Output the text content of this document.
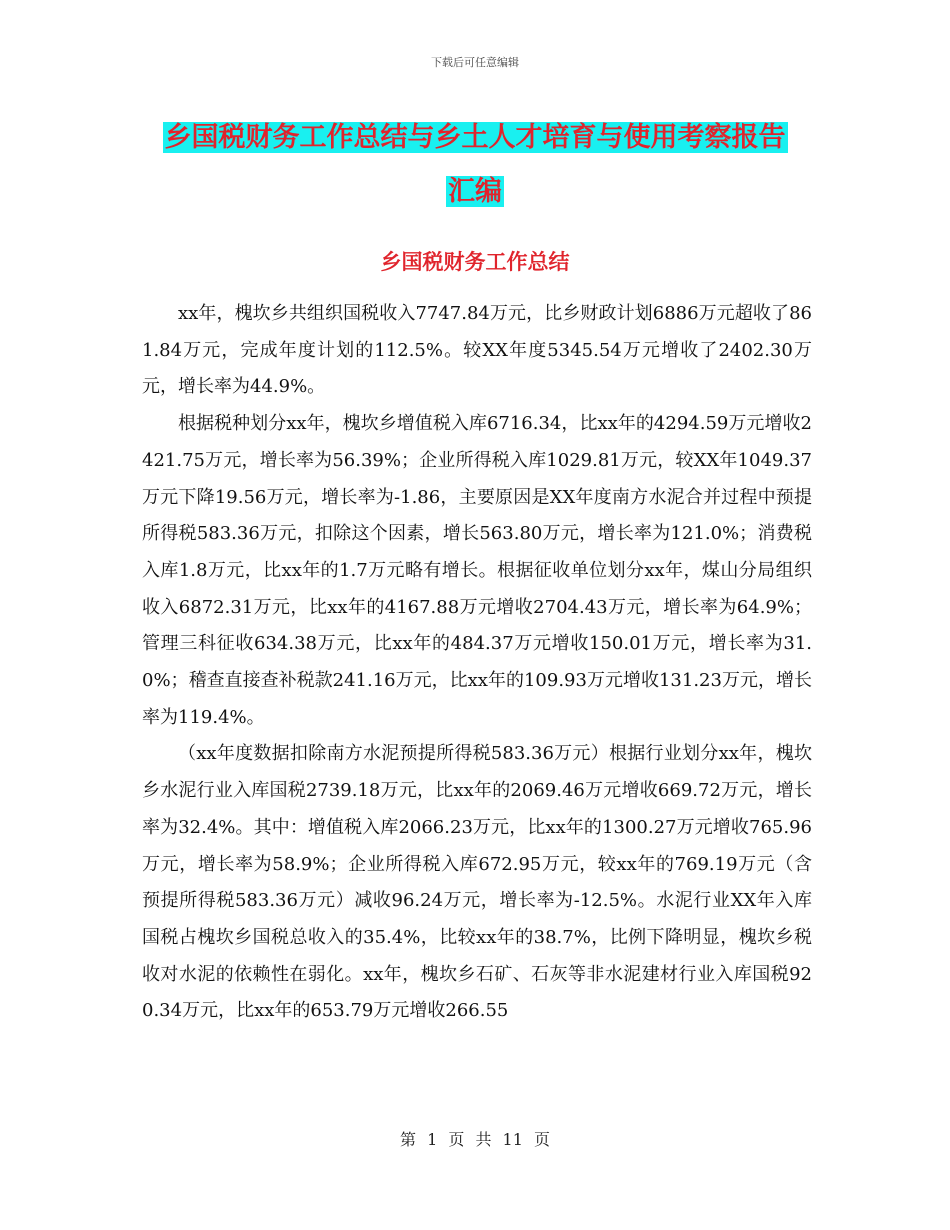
下载后可任意编辑
乡国税财务工作总结与乡土人才培育与使用考察报告
汇编
乡国税财务工作总结

xx年，槐坎乡共组织国税收入7747.84万元，比乡财政计划6886万元超收了861.84万元，完成年度计划的112.5%。较XX年度5345.54万元增收了2402.30万元，增长率为44.9%。

根据税种划分xx年，槐坎乡增值税入库6716.34，比xx年的4294.59万元增收2421.75万元，增长率为56.39%；企业所得税入库1029.81万元，较XX年1049.37万元下降19.56万元，增长率为-1.86，主要原因是XX年度南方水泥合并过程中预提所得税583.36万元，扣除这个因素，增长563.80万元，增长率为121.0%；消费税入库1.8万元，比xx年的1.7万元略有增长。根据征收单位划分xx年，煤山分局组织收入6872.31万元，比xx年的4167.88万元增收2704.43万元，增长率为64.9%；管理三科征收634.38万元，比xx年的484.37万元增收150.01万元，增长率为31.0%；稽查直接查补税款241.16万元，比xx年的109.93万元增收131.23万元，增长率为119.4%。

（xx年度数据扣除南方水泥预提所得税583.36万元）根据行业划分xx年，槐坎乡水泥行业入库国税2739.18万元，比xx年的2069.46万元增收669.72万元，增长率为32.4%。其中：增值税入库2066.23万元，比xx年的1300.27万元增收765.96万元，增长率为58.9%；企业所得税入库672.95万元，较xx年的769.19万元（含预提所得税583.36万元）减收96.24万元，增长率为-12.5%。水泥行业XX年入库国税占槐坎乡国税总收入的35.4%，比较xx年的38.7%，比例下降明显，槐坎乡税收对水泥的依赖性在弱化。xx年，槐坎乡石矿、石灰等非水泥建材行业入库国税920.34万元，比xx年的653.79万元增收266.55

第 1 页 共 11 页
